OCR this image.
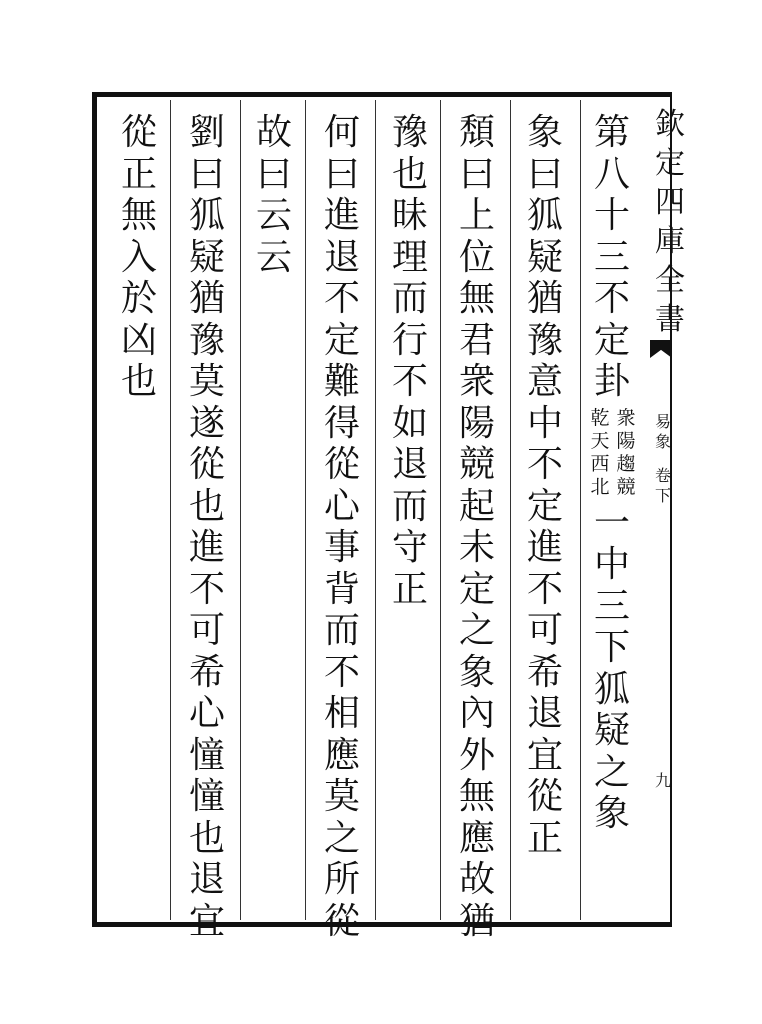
欽
定
四
庫
全
書
易
象
卷
下
九
第
八
十
三
不
定
卦
乾
天
西
北
衆
陽
趨
競
一
中
三
下
狐
疑
之
象
象
曰
狐
疑
猶
豫
意
中
不
定
進
不
可
希
退
宜
從
正
頽
曰
上
位
無
君
衆
陽
競
起
未
定
之
象
內
外
無
應
故
猶
豫
也
昧
理
而
行
不
如
退
而
守
正
何
曰
進
退
不
定
難
得
從
心
事
背
而
不
相
應
莫
之
所
從
故
曰
云
云
劉
曰
狐
疑
猶
豫
莫
遂
從
也
進
不
可
希
心
憧
憧
也
退
宜
從
正
無
入
於
凶
也
